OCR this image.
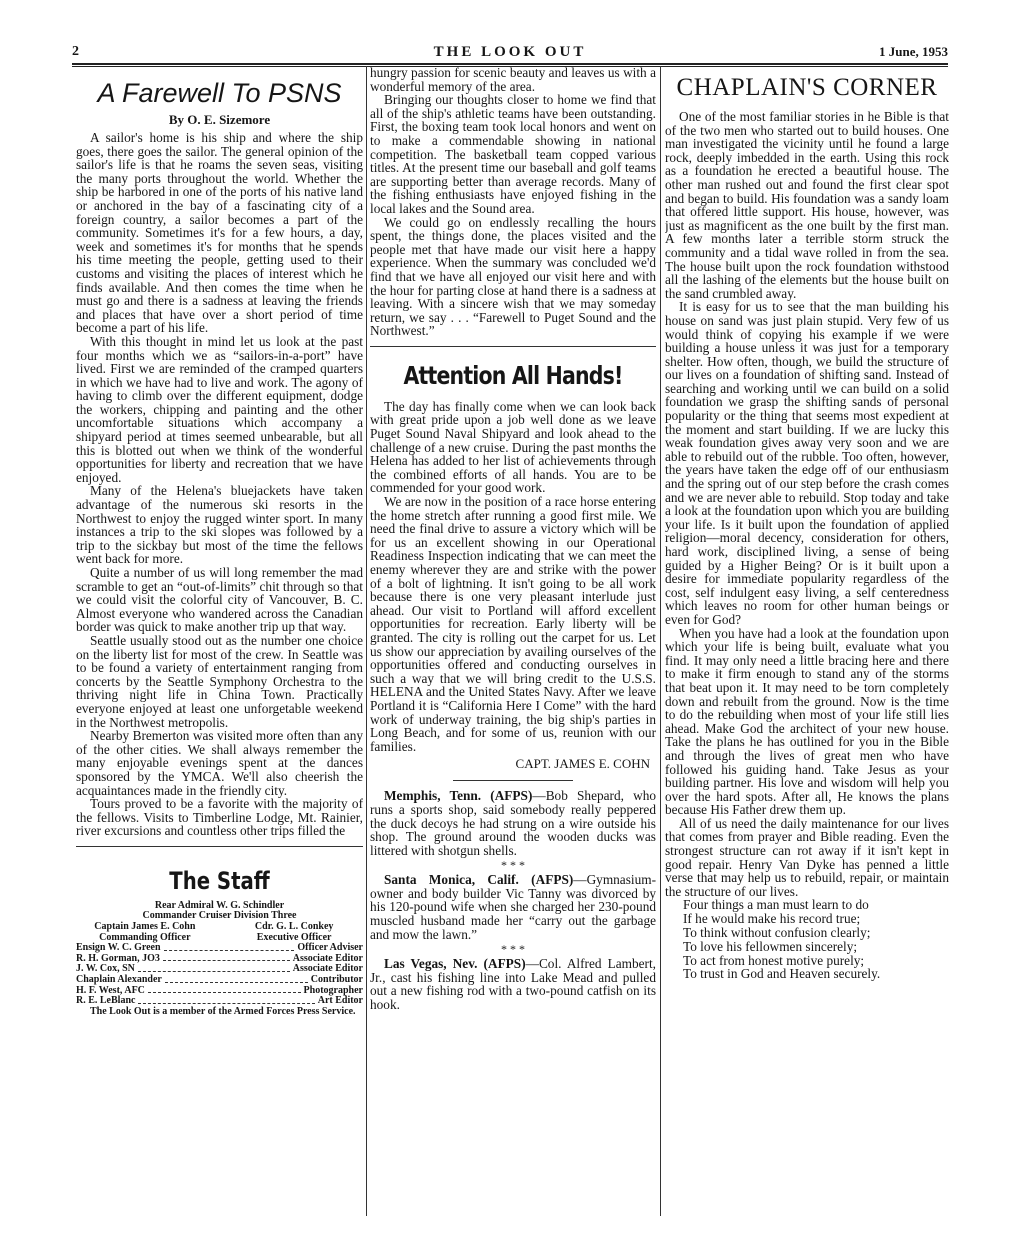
2	THE LOOK OUT	1 June, 1953
A Farewell To PSNS
By O. E. Sizemore

A sailor's home is his ship and where the ship goes, there goes the sailor. The general opinion of the sailor's life is that he roams the seven seas, visiting the many ports throughout the world. Whether the ship be harbored in one of the ports of his native land or anchored in the bay of a fascinating city of a foreign country, a sailor becomes a part of the community. Sometimes it's for a few hours, a day, week and sometimes it's for months that he spends his time meeting the people, getting used to their customs and visiting the places of interest which he finds available. And then comes the time when he must go and there is a sadness at leaving the friends and places that have over a short period of time become a part of his life.

With this thought in mind let us look at the past four months which we as “sailors-in-a-port” have lived. First we are reminded of the cramped quarters in which we have had to live and work. The agony of having to climb over the different equipment, dodge the workers, chipping and painting and the other uncomfortable situations which accompany a shipyard period at times seemed unbearable, but all this is blotted out when we think of the wonderful opportunities for liberty and recreation that we have enjoyed.

Many of the Helena's bluejackets have taken advantage of the numerous ski resorts in the Northwest to enjoy the rugged winter sport. In many instances a trip to the ski slopes was followed by a trip to the sickbay but most of the time the fellows went back for more.

Quite a number of us will long remember the mad scramble to get an “out-of-limits” chit through so that we could visit the colorful city of Vancouver, B. C. Almost everyone who wandered across the Canadian border was quick to make another trip up that way.

Seattle usually stood out as the number one choice on the liberty list for most of the crew. In Seattle was to be found a variety of entertainment ranging from concerts by the Seattle Symphony Orchestra to the thriving night life in China Town. Practically everyone enjoyed at least one unforgetable weekend in the Northwest metropolis.

Nearby Bremerton was visited more often than any of the other cities. We shall always remember the many enjoyable evenings spent at the dances sponsored by the YMCA. We'll also cheerish the acquaintances made in the friendly city.

Tours proved to be a favorite with the majority of the fellows. Visits to Timberline Lodge, Mt. Rainier, river excursions and countless other trips filled the

The Staff
Rear Admiral W. G. Schindler
Commander Cruiser Division Three
Captain James E. Cohn	Cdr. G. L. Conkey
Commanding Officer	Executive Officer
Ensign W. C. Green	Officer Adviser
R. H. Gorman, JO3	Associate Editor
J. W. Cox, SN	Associate Editor
Chaplain Alexander	Contributor
H. F. West, AFC	Photographer
R. E. LeBlanc	Art Editor
The Look Out is a member of the Armed Forces Press Service.

hungry passion for scenic beauty and leaves us with a wonderful memory of the area.

Bringing our thoughts closer to home we find that all of the ship's athletic teams have been outstanding. First, the boxing team took local honors and went on to make a commendable showing in national competition. The basketball team copped various titles. At the present time our baseball and golf teams are supporting better than average records. Many of the fishing enthusiasts have enjoyed fishing in the local lakes and the Sound area.

We could go on endlessly recalling the hours spent, the things done, the places visited and the people met that have made our visit here a happy experience. When the summary was concluded we'd find that we have all enjoyed our visit here and with the hour for parting close at hand there is a sadness at leaving. With a sincere wish that we may someday return, we say . . . “Farewell to Puget Sound and the Northwest.”

Attention All Hands!

The day has finally come when we can look back with great pride upon a job well done as we leave Puget Sound Naval Shipyard and look ahead to the challenge of a new cruise. During the past months the Helena has added to her list of achievements through the combined efforts of all hands. You are to be commended for your good work.

We are now in the position of a race horse entering the home stretch after running a good first mile. We need the final drive to assure a victory which will be for us an excellent showing in our Operational Readiness Inspection indicating that we can meet the enemy wherever they are and strike with the power of a bolt of lightning. It isn't going to be all work because there is one very pleasant interlude just ahead. Our visit to Portland will afford excellent opportunities for recreation. Early liberty will be granted. The city is rolling out the carpet for us. Let us show our appreciation by availing ourselves of the opportunities offered and conducting ourselves in such a way that we will bring credit to the U.S.S. HELENA and the United States Navy. After we leave Portland it is “California Here I Come” with the hard work of underway training, the big ship's parties in Long Beach, and for some of us, reunion with our families.

CAPT. JAMES E. COHN

Memphis, Tenn. (AFPS)—Bob Shepard, who runs a sports shop, said somebody really peppered the duck decoys he had strung on a wire outside his shop. The ground around the wooden ducks was littered with shotgun shells.

* * *

Santa Monica, Calif. (AFPS)—Gymnasium-owner and body builder Vic Tanny was divorced by his 120-pound wife when she charged her 230-pound muscled husband made her “carry out the garbage and mow the lawn.”

* * *

Las Vegas, Nev. (AFPS)—Col. Alfred Lambert, Jr., cast his fishing line into Lake Mead and pulled out a new fishing rod with a two-pound catfish on its hook.

CHAPLAIN'S CORNER

One of the most familiar stories in he Bible is that of the two men who started out to build houses. One man investigated the vicinity until he found a large rock, deeply imbedded in the earth. Using this rock as a foundation he erected a beautiful house. The other man rushed out and found the first clear spot and began to build. His foundation was a sandy loam that offered little support. His house, however, was just as magnificent as the one built by the first man. A few months later a terrible storm struck the community and a tidal wave rolled in from the sea. The house built upon the rock foundation withstood all the lashing of the elements but the house built on the sand crumbled away.

It is easy for us to see that the man building his house on sand was just plain stupid. Very few of us would think of copying his example if we were building a house unless it was just for a temporary shelter. How often, though, we build the structure of our lives on a foundation of shifting sand. Instead of searching and working until we can build on a solid foundation we grasp the shifting sands of personal popularity or the thing that seems most expedient at the moment and start building. If we are lucky this weak foundation gives away very soon and we are able to rebuild out of the rubble. Too often, however, the years have taken the edge off of our enthusiasm and the spring out of our step before the crash comes and we are never able to rebuild. Stop today and take a look at the foundation upon which you are building your life. Is it built upon the foundation of applied religion—moral decency, consideration for others, hard work, disciplined living, a sense of being guided by a Higher Being? Or is it built upon a desire for immediate popularity regardless of the cost, self indulgent easy living, a self centeredness which leaves no room for other human beings or even for God?

When you have had a look at the foundation upon which your life is being built, evaluate what you find. It may only need a little bracing here and there to make it firm enough to stand any of the storms that beat upon it. It may need to be torn completely down and rebuilt from the ground. Now is the time to do the rebuilding when most of your life still lies ahead. Make God the architect of your new house. Take the plans he has outlined for you in the Bible and through the lives of great men who have followed his guiding hand. Take Jesus as your building partner. His love and wisdom will help you over the hard spots. After all, He knows the plans because His Father drew them up.

All of us need the daily maintenance for our lives that comes from prayer and Bible reading. Even the strongest structure can rot away if it isn't kept in good repair. Henry Van Dyke has penned a little verse that may help us to rebuild, repair, or maintain the structure of our lives.

Four things a man must learn to do
If he would make his record true;
To think without confusion clearly;
To love his fellowmen sincerely;
To act from honest motive purely;
To trust in God and Heaven securely.
